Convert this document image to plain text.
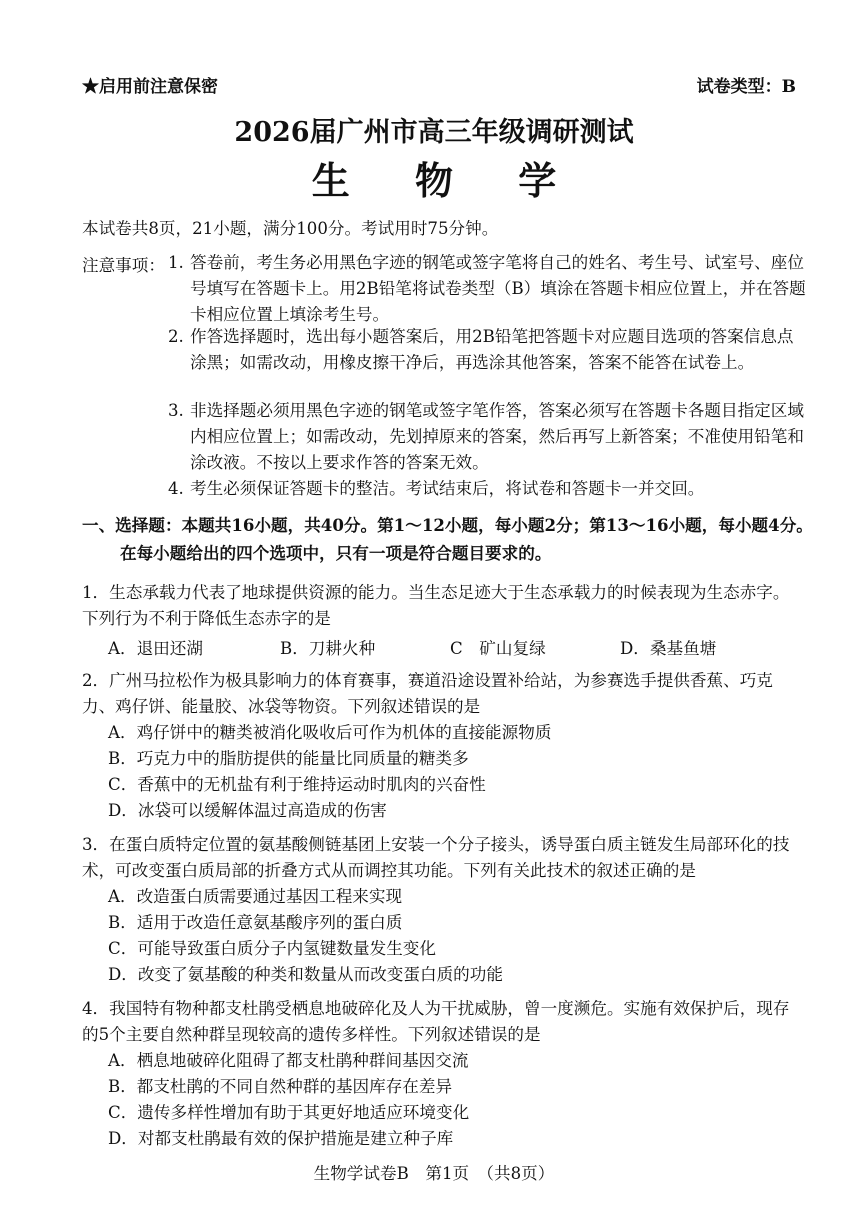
★启用前注意保密	试卷类型：B
2026届广州市高三年级调研测试
生 物 学
本试卷共8页，21小题，满分100分。考试用时75分钟。
注意事项： 1. 答卷前，考生务必用黑色字迹的钢笔或签字笔将自己的姓名、考生号、试室号、座位号填写在答题卡上。用2B铅笔将试卷类型（B）填涂在答题卡相应位置上，并在答题卡相应位置上填涂考生号。
2. 作答选择题时，选出每小题答案后，用2B铅笔把答题卡对应题目选项的答案信息点涂黑；如需改动，用橡皮擦干净后，再选涂其他答案，答案不能答在试卷上。
3. 非选择题必须用黑色字迹的钢笔或签字笔作答，答案必须写在答题卡各题目指定区域内相应位置上；如需改动，先划掉原来的答案，然后再写上新答案；不准使用铅笔和涂改液。不按以上要求作答的答案无效。
4. 考生必须保证答题卡的整洁。考试结束后，将试卷和答题卡一并交回。
一、选择题：本题共16小题，共40分。第1～12小题，每小题2分；第13～16小题，每小题4分。
在每小题给出的四个选项中，只有一项是符合题目要求的。
1．生态承载力代表了地球提供资源的能力。当生态足迹大于生态承载力的时候表现为生态赤字。下列行为不利于降低生态赤字的是
A．退田还湖	B．刀耕火种	C　矿山复绿	D．桑基鱼塘
2．广州马拉松作为极具影响力的体育赛事，赛道沿途设置补给站，为参赛选手提供香蕉、巧克力、鸡仔饼、能量胶、冰袋等物资。下列叙述错误的是
A．鸡仔饼中的糖类被消化吸收后可作为机体的直接能源物质
B．巧克力中的脂肪提供的能量比同质量的糖类多
C．香蕉中的无机盐有利于维持运动时肌肉的兴奋性
D．冰袋可以缓解体温过高造成的伤害
3．在蛋白质特定位置的氨基酸侧链基团上安装一个分子接头，诱导蛋白质主链发生局部环化的技术，可改变蛋白质局部的折叠方式从而调控其功能。下列有关此技术的叙述正确的是
A．改造蛋白质需要通过基因工程来实现
B．适用于改造任意氨基酸序列的蛋白质
C．可能导致蛋白质分子内氢键数量发生变化
D．改变了氨基酸的种类和数量从而改变蛋白质的功能
4．我国特有物种都支杜鹃受栖息地破碎化及人为干扰威胁，曾一度濒危。实施有效保护后，现存的5个主要自然种群呈现较高的遗传多样性。下列叙述错误的是
A．栖息地破碎化阻碍了都支杜鹃种群间基因交流
B．都支杜鹃的不同自然种群的基因库存在差异
C．遗传多样性增加有助于其更好地适应环境变化
D．对都支杜鹃最有效的保护措施是建立种子库
生物学试卷B　第1页　（共8页）
